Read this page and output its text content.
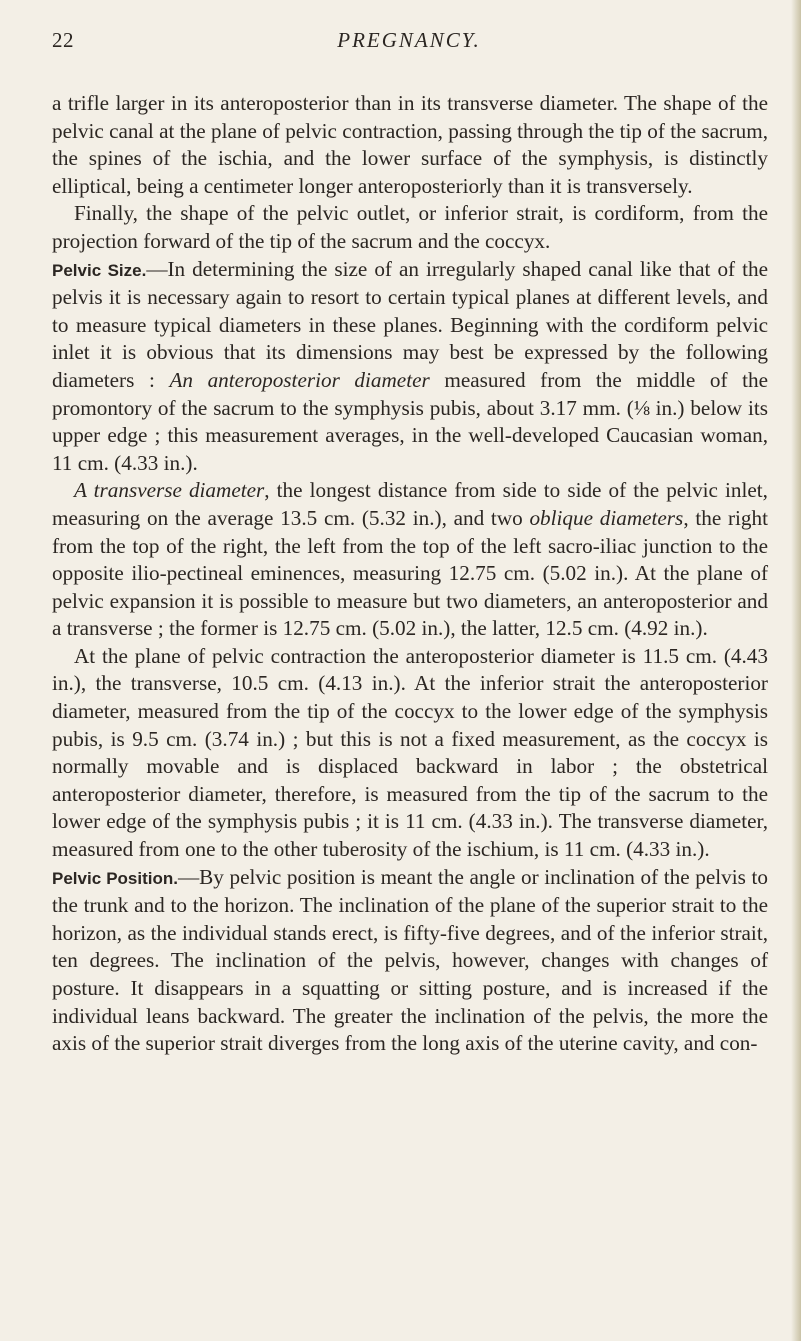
22	PREGNANCY.

a trifle larger in its anteroposterior than in its transverse diameter. The shape of the pelvic canal at the plane of pelvic contraction, passing through the tip of the sacrum, the spines of the ischia, and the lower surface of the symphysis, is distinctly elliptical, being a centimeter longer anteroposteriorly than it is transversely.

Finally, the shape of the pelvic outlet, or inferior strait, is cordiform, from the projection forward of the tip of the sacrum and the coccyx.

Pelvic Size.—In determining the size of an irregularly shaped canal like that of the pelvis it is necessary again to resort to certain typical planes at different levels, and to measure typical diameters in these planes. Beginning with the cordiform pelvic inlet it is obvious that its dimensions may best be expressed by the following diameters : An anteroposterior diameter measured from the middle of the promontory of the sacrum to the symphysis pubis, about 3.17 mm. (⅛ in.) below its upper edge ; this measurement averages, in the well-developed Caucasian woman, 11 cm. (4.33 in.).

A transverse diameter, the longest distance from side to side of the pelvic inlet, measuring on the average 13.5 cm. (5.32 in.), and two oblique diameters, the right from the top of the right, the left from the top of the left sacro-iliac junction to the opposite ilio-pectineal eminences, measuring 12.75 cm. (5.02 in.). At the plane of pelvic expansion it is possible to measure but two diameters, an anteroposterior and a transverse ; the former is 12.75 cm. (5.02 in.), the latter, 12.5 cm. (4.92 in.).

At the plane of pelvic contraction the anteroposterior diameter is 11.5 cm. (4.43 in.), the transverse, 10.5 cm. (4.13 in.). At the inferior strait the anteroposterior diameter, measured from the tip of the coccyx to the lower edge of the symphysis pubis, is 9.5 cm. (3.74 in.) ; but this is not a fixed measurement, as the coccyx is normally movable and is displaced backward in labor ; the obstetrical anteroposterior diameter, therefore, is measured from the tip of the sacrum to the lower edge of the symphysis pubis ; it is 11 cm. (4.33 in.). The transverse diameter, measured from one to the other tuberosity of the ischium, is 11 cm. (4.33 in.).

Pelvic Position.—By pelvic position is meant the angle or inclination of the pelvis to the trunk and to the horizon. The inclination of the plane of the superior strait to the horizon, as the individual stands erect, is fifty-five degrees, and of the inferior strait, ten degrees. The inclination of the pelvis, however, changes with changes of posture. It disappears in a squatting or sitting posture, and is increased if the individual leans backward. The greater the inclination of the pelvis, the more the axis of the superior strait diverges from the long axis of the uterine cavity, and con-
